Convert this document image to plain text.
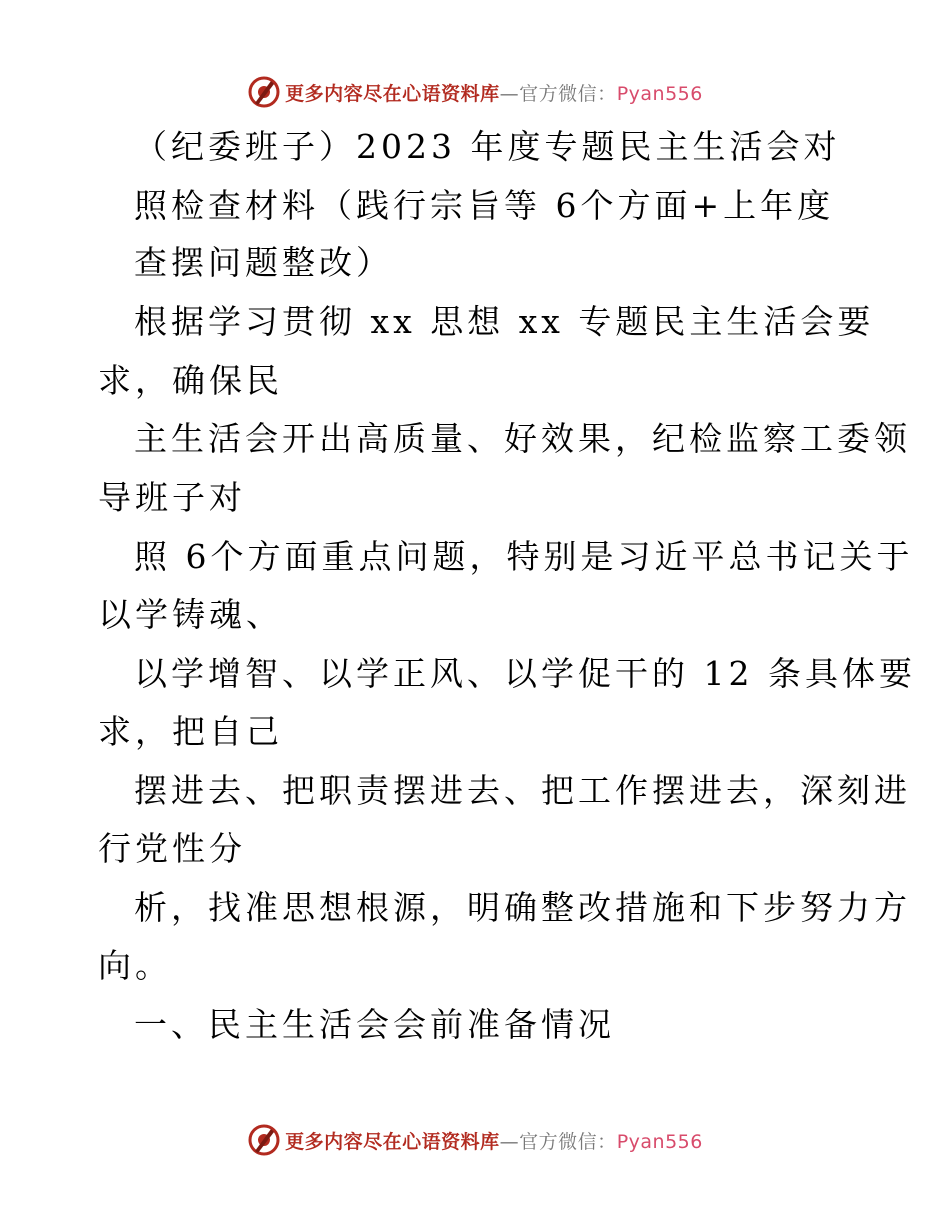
更多内容尽在心语资料库—官方微信：Pyan556
（纪委班子）2023 年度专题民主生活会对
照检查材料（践行宗旨等 6个方面+上年度
查摆问题整改）
根据学习贯彻 xx 思想 xx 专题民主生活会要
求，确保民
主生活会开出高质量、好效果，纪检监察工委领
导班子对
照 6个方面重点问题，特别是习近平总书记关于
以学铸魂、
以学增智、以学正风、以学促干的 12 条具体要
求，把自己
摆进去、把职责摆进去、把工作摆进去，深刻进
行党性分
析，找准思想根源，明确整改措施和下步努力方
向。
一、民主生活会会前准备情况
更多内容尽在心语资料库—官方微信：Pyan556
